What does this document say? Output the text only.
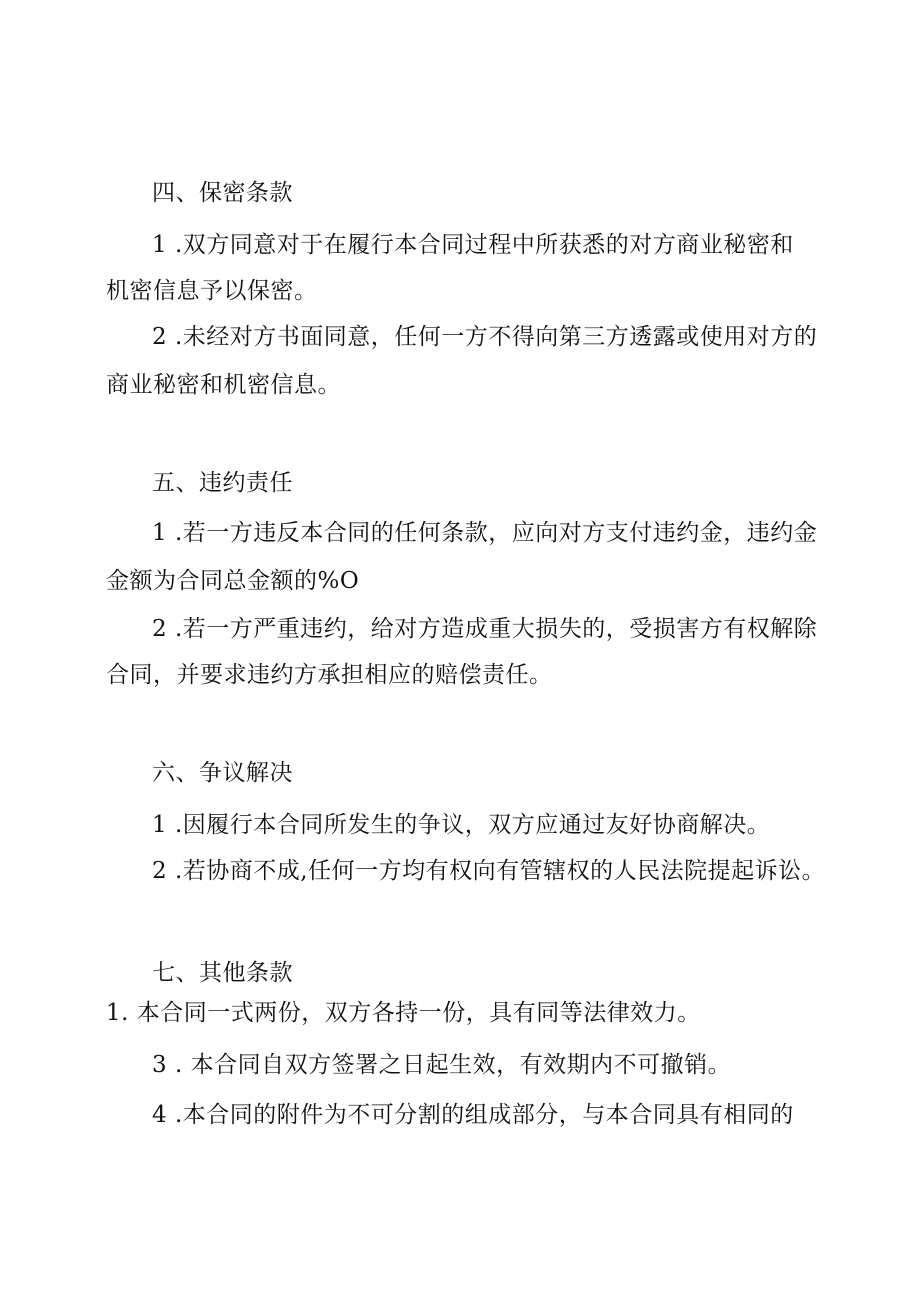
四、保密条款
1 .双方同意对于在履行本合同过程中所获悉的对方商业秘密和
机密信息予以保密。
2 .未经对方书面同意，任何一方不得向第三方透露或使用对方的
商业秘密和机密信息。
五、违约责任
1 .若一方违反本合同的任何条款，应向对方支付违约金，违约金
金额为合同总金额的%O
2 .若一方严重违约，给对方造成重大损失的，受损害方有权解除
合同，并要求违约方承担相应的赔偿责任。
六、争议解决
1 .因履行本合同所发生的争议，双方应通过友好协商解决。
2 .若协商不成,任何一方均有权向有管辖权的人民法院提起诉讼。
七、其他条款
1. 本合同一式两份，双方各持一份，具有同等法律效力。
3 . 本合同自双方签署之日起生效，有效期内不可撤销。
4 .本合同的附件为不可分割的组成部分，与本合同具有相同的
